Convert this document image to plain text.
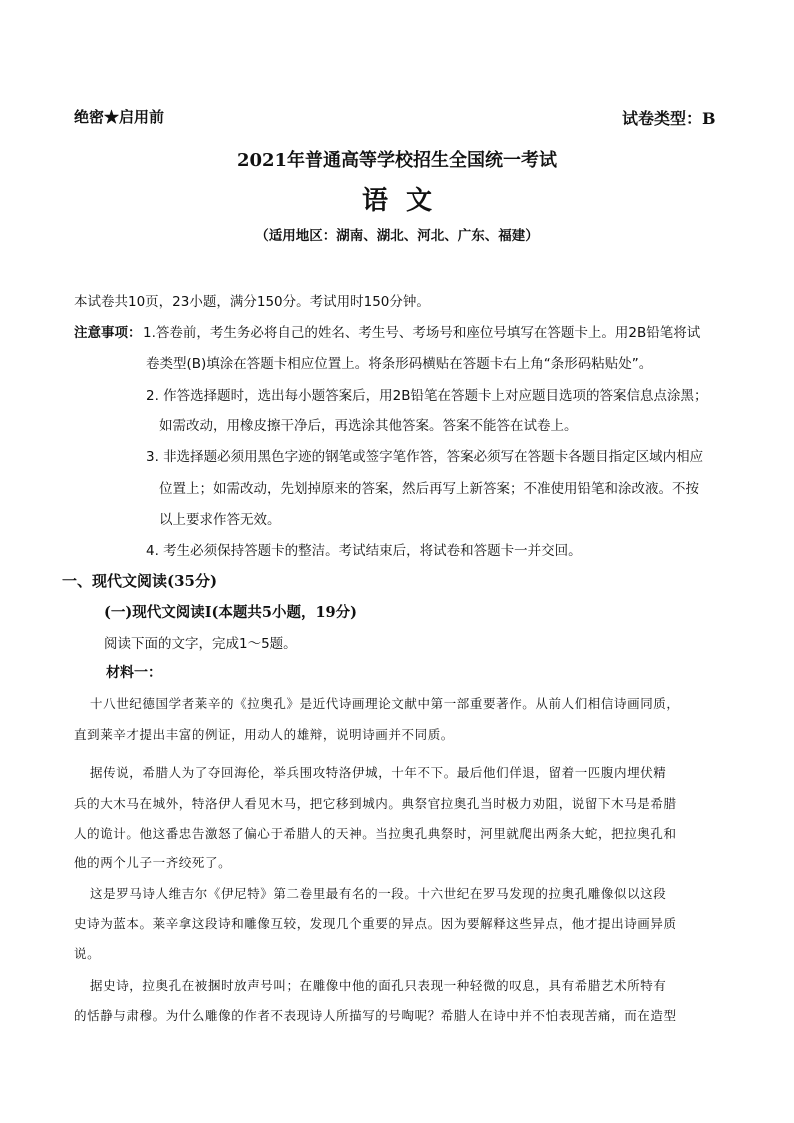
绝密★启用前	试卷类型：B
2021年普通高等学校招生全国统一考试
语  文
（适用地区：湖南、湖北、河北、广东、福建）
本试卷共10页，23小题，满分150分。考试用时150分钟。
注意事项： 1.答卷前，考生务必将自己的姓名、考生号、考场号和座位号填写在答题卡上。用2B铅笔将试
卷类型(B)填涂在答题卡相应位置上。将条形码横贴在答题卡右上角“条形码粘贴处”。
2. 作答选择题时，选出每小题答案后，用2B铅笔在答题卡上对应题目选项的答案信息点涂黑；
如需改动，用橡皮擦干净后，再选涂其他答案。答案不能答在试卷上。
3. 非选择题必须用黑色字迹的钢笔或签字笔作答，答案必须写在答题卡各题目指定区域内相应
位置上；如需改动，先划掉原来的答案，然后再写上新答案；不准使用铅笔和涂改液。不按
以上要求作答无效。
4. 考生必须保持答题卡的整洁。考试结束后，将试卷和答题卡一并交回。
一、现代文阅读(35分)
(一)现代文阅读Ⅰ(本题共5小题，19分)
阅读下面的文字，完成1～5题。
材料一：
十八世纪德国学者莱辛的《拉奥孔》是近代诗画理论文献中第一部重要著作。从前人们相信诗画同质，
直到莱辛才提出丰富的例证，用动人的雄辩，说明诗画并不同质。
据传说，希腊人为了夺回海伦，举兵围攻特洛伊城，十年不下。最后他们佯退，留着一匹腹内埋伏精
兵的大木马在城外，特洛伊人看见木马，把它移到城内。典祭官拉奥孔当时极力劝阻，说留下木马是希腊
人的诡计。他这番忠告激怒了偏心于希腊人的天神。当拉奥孔典祭时，河里就爬出两条大蛇，把拉奥孔和
他的两个儿子一齐绞死了。
这是罗马诗人维吉尔《伊尼特》第二卷里最有名的一段。十六世纪在罗马发现的拉奥孔雕像似以这段
史诗为蓝本。莱辛拿这段诗和雕像互较，发现几个重要的异点。因为要解释这些异点，他才提出诗画异质
说。
据史诗，拉奥孔在被捆时放声号叫；在雕像中他的面孔只表现一种轻微的叹息，具有希腊艺术所特有
的恬静与肃穆。为什么雕像的作者不表现诗人所描写的号啕呢？希腊人在诗中并不怕表现苦痛，而在造型
